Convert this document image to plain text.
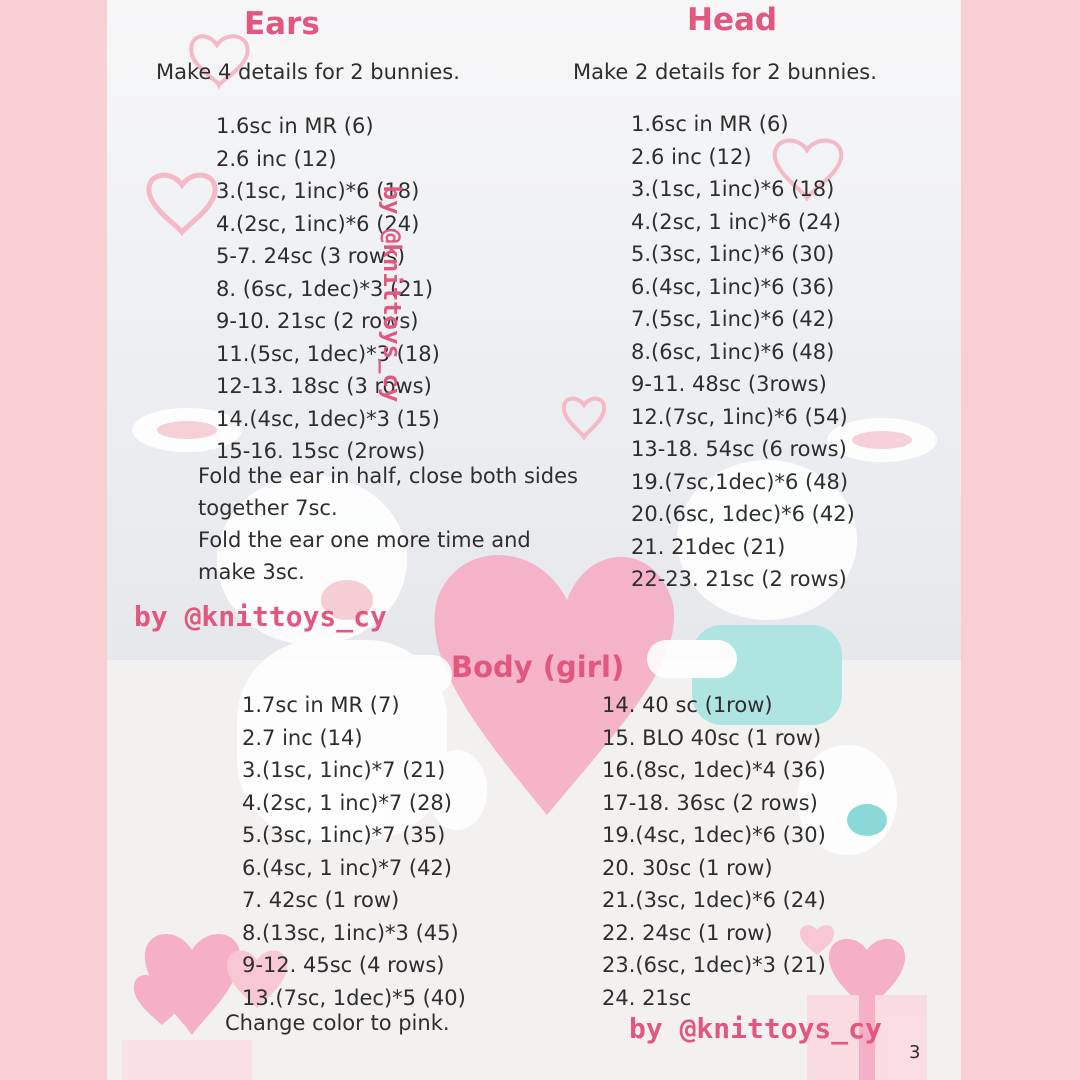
Ears

Make 4 details for 2 bunnies.

1.6sc in MR (6)
2.6 inc (12)
3.(1sc, 1inc)*6 (18)
4.(2sc, 1inc)*6 (24)
5-7. 24sc (3 rows)
8. (6sc, 1dec)*3 (21)
9-10. 21sc (2 rows)
11.(5sc, 1dec)*3 (18)
12-13. 18sc (3 rows)
14.(4sc, 1dec)*3 (15)
15-16. 15sc (2rows)
Fold the ear in half, close both sides
together 7sc.
Fold the ear one more time and
make 3sc.

by @knittoys_cy

by @knittoys_cy

Head

Make 2 details for 2 bunnies.

1.6sc in MR (6)
2.6 inc (12)
3.(1sc, 1inc)*6 (18)
4.(2sc, 1 inc)*6 (24)
5.(3sc, 1inc)*6 (30)
6.(4sc, 1inc)*6 (36)
7.(5sc, 1inc)*6 (42)
8.(6sc, 1inc)*6 (48)
9-11. 48sc (3rows)
12.(7sc, 1inc)*6 (54)
13-18. 54sc (6 rows)
19.(7sc,1dec)*6 (48)
20.(6sc, 1dec)*6 (42)
21. 21dec (21)
22-23. 21sc (2 rows)
Body (girl)
1.7sc in MR (7)
2.7 inc (14)
3.(1sc, 1inc)*7 (21)
4.(2sc, 1 inc)*7 (28)
5.(3sc, 1inc)*7 (35)
6.(4sc, 1 inc)*7 (42)
7. 42sc (1 row)
8.(13sc, 1inc)*3 (45)
9-12. 45sc (4 rows)
13.(7sc, 1dec)*5 (40)

Change color to pink.

14. 40 sc (1row)
15. BLO 40sc (1 row)
16.(8sc, 1dec)*4 (36)
17-18. 36sc (2 rows)
19.(4sc, 1dec)*6 (30)
20. 30sc (1 row)
21.(3sc, 1dec)*6 (24)
22. 24sc (1 row)
23.(6sc, 1dec)*3 (21)
24. 21sc

by @knittoys_cy

3
